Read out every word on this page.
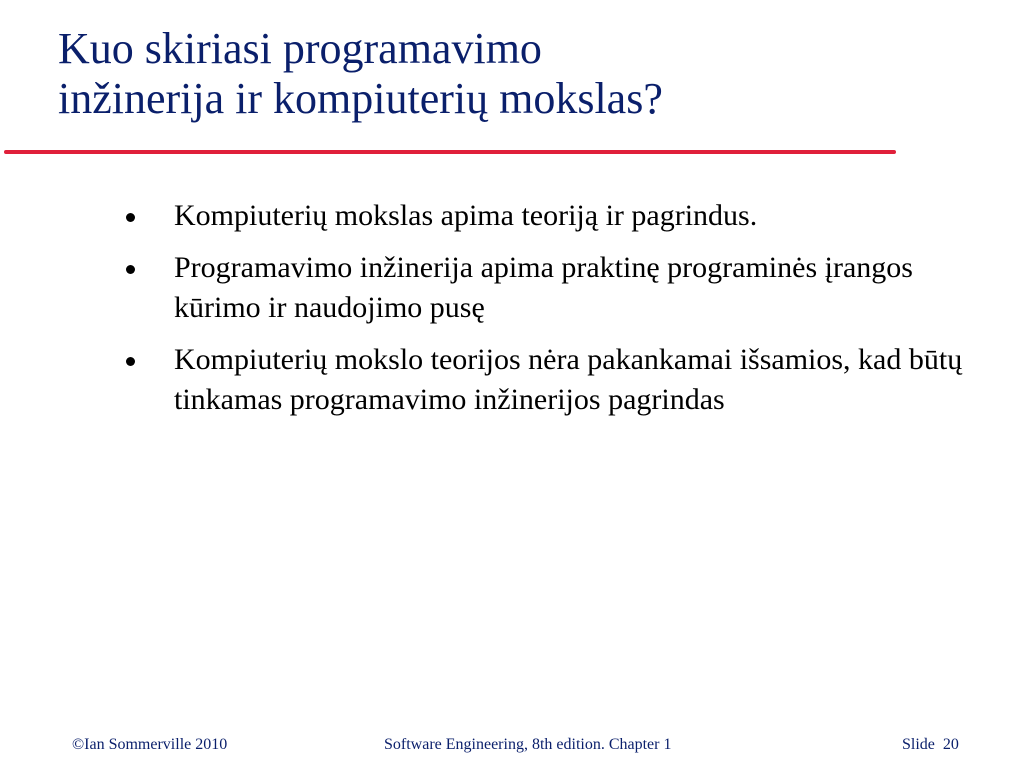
Kuo skiriasi programavimo
inžinerija ir kompiuterių mokslas?
Kompiuterių mokslas apima teoriją ir pagrindus.
Programavimo inžinerija apima praktinę programinės įrangos kūrimo ir naudojimo pusę
Kompiuterių mokslo teorijos nėra pakankamai išsamios, kad būtų tinkamas programavimo inžinerijos pagrindas
©Ian Sommerville 2010	Software Engineering, 8th edition. Chapter 1	Slide 20
